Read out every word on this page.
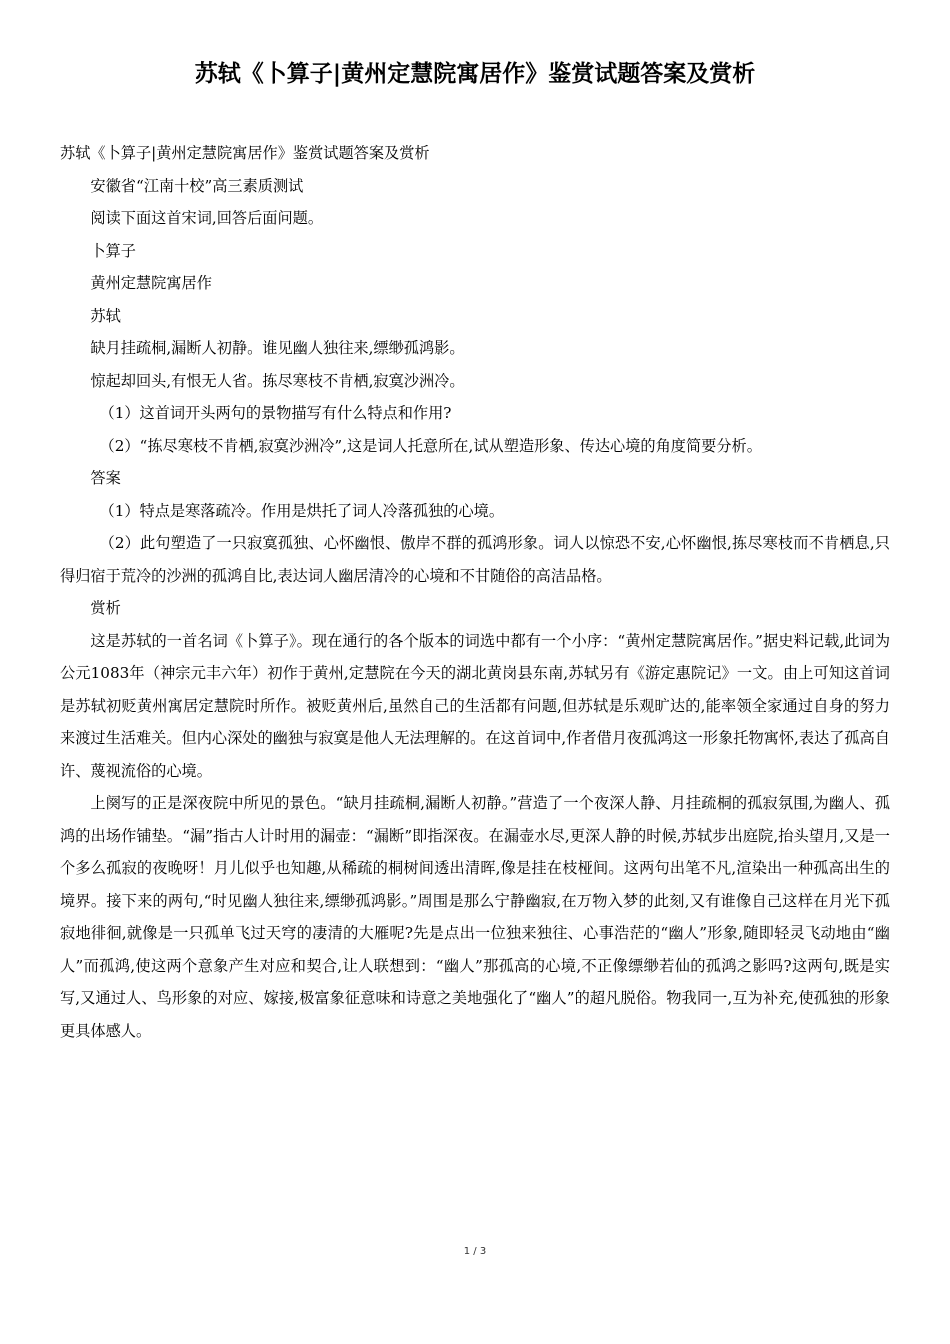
苏轼《卜算子|黄州定慧院寓居作》鉴赏试题答案及赏析

苏轼《卜算子|黄州定慧院寓居作》鉴赏试题答案及赏析

安徽省“江南十校”高三素质测试

阅读下面这首宋词,回答后面问题。

卜算子

黄州定慧院寓居作

苏轼

缺月挂疏桐,漏断人初静。谁见幽人独往来,缥缈孤鸿影。

惊起却回头,有恨无人省。拣尽寒枝不肯栖,寂寞沙洲冷。

（1）这首词开头两句的景物描写有什么特点和作用?

（2）“拣尽寒枝不肯栖,寂寞沙洲冷”,这是词人托意所在,试从塑造形象、传达心境的角度简要分析。

答案

（1）特点是寒落疏冷。作用是烘托了词人冷落孤独的心境。

（2）此句塑造了一只寂寞孤独、心怀幽恨、傲岸不群的孤鸿形象。词人以惊恐不安,心怀幽恨,拣尽寒枝而不肯栖息,只得归宿于荒冷的沙洲的孤鸿自比,表达词人幽居清冷的心境和不甘随俗的高洁品格。

赏析

这是苏轼的一首名词《卜算子》。现在通行的各个版本的词选中都有一个小序：“黄州定慧院寓居作。”据史料记载,此词为公元1083年（神宗元丰六年）初作于黄州,定慧院在今天的湖北黄岗县东南,苏轼另有《游定惠院记》一文。由上可知这首词是苏轼初贬黄州寓居定慧院时所作。被贬黄州后,虽然自己的生活都有问题,但苏轼是乐观旷达的,能率领全家通过自身的努力来渡过生活难关。但内心深处的幽独与寂寞是他人无法理解的。在这首词中,作者借月夜孤鸿这一形象托物寓怀,表达了孤高自许、蔑视流俗的心境。

上阕写的正是深夜院中所见的景色。“缺月挂疏桐,漏断人初静。”营造了一个夜深人静、月挂疏桐的孤寂氛围,为幽人、孤鸿的出场作铺垫。“漏”指古人计时用的漏壶：“漏断”即指深夜。在漏壶水尽,更深人静的时候,苏轼步出庭院,抬头望月,又是一个多么孤寂的夜晚呀！月儿似乎也知趣,从稀疏的桐树间透出清晖,像是挂在枝桠间。这两句出笔不凡,渲染出一种孤高出生的境界。接下来的两句,“时见幽人独往来,缥缈孤鸿影。”周围是那么宁静幽寂,在万物入梦的此刻,又有谁像自己这样在月光下孤寂地徘徊,就像是一只孤单飞过天穹的凄清的大雁呢?先是点出一位独来独往、心事浩茫的“幽人”形象,随即轻灵飞动地由“幽人”而孤鸿,使这两个意象产生对应和契合,让人联想到：“幽人”那孤高的心境,不正像缥缈若仙的孤鸿之影吗?这两句,既是实写,又通过人、鸟形象的对应、嫁接,极富象征意味和诗意之美地强化了“幽人”的超凡脱俗。物我同一,互为补充,使孤独的形象更具体感人。

1 / 3
